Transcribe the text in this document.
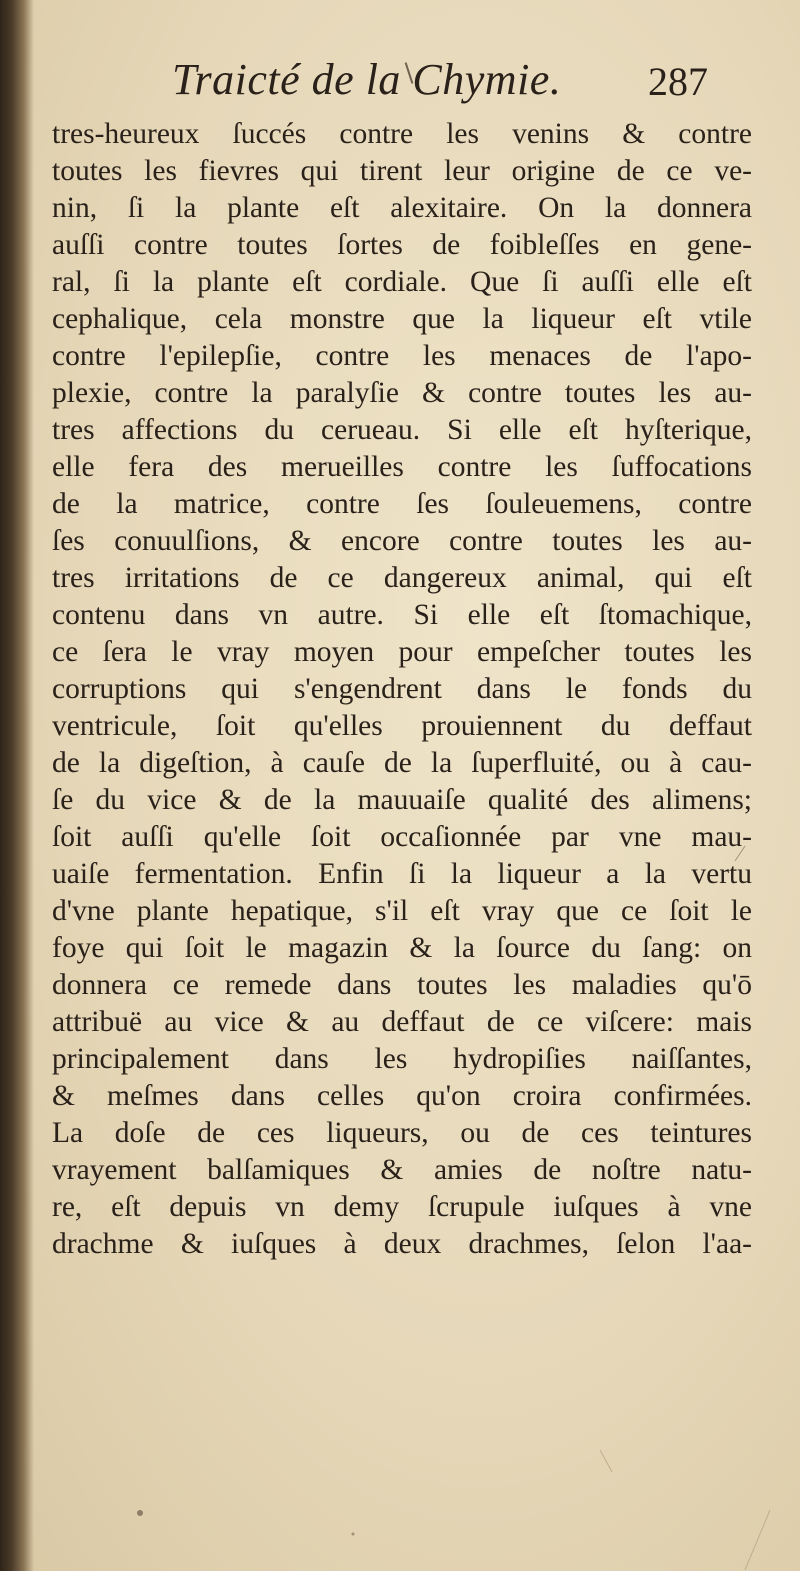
Traicté de la Chymie. 287
tres-heureux ſuccés contre les venins & contre
toutes les fievres qui tirent leur origine de ce ve-
nin, ſi la plante eſt alexitaire. On la donnera
auſſi contre toutes ſortes de foibleſſes en gene-
ral, ſi la plante eſt cordiale. Que ſi auſſi elle eſt
cephalique, cela monstre que la liqueur eſt vtile
contre l'epilepſie, contre les menaces de l'apo-
plexie, contre la paralyſie & contre toutes les au-
tres affections du cerueau. Si elle eſt hyſterique,
elle fera des merueilles contre les ſuffocations
de la matrice, contre ſes ſouleuemens, contre
ſes conuulſions, & encore contre toutes les au-
tres irritations de ce dangereux animal, qui eſt
contenu dans vn autre. Si elle eſt ſtomachique,
ce ſera le vray moyen pour empeſcher toutes les
corruptions qui s'engendrent dans le fonds du
ventricule, ſoit qu'elles prouiennent du deffaut
de la digeſtion, à cauſe de la ſuperfluité, ou à cau-
ſe du vice & de la mauuaiſe qualité des alimens;
ſoit auſſi qu'elle ſoit occaſionnée par vne mau-
uaiſe fermentation. Enfin ſi la liqueur a la vertu
d'vne plante hepatique, s'il eſt vray que ce ſoit le
foye qui ſoit le magazin & la ſource du ſang: on
donnera ce remede dans toutes les maladies qu'ō
attribuë au vice & au deffaut de ce viſcere: mais
principalement dans les hydropiſies naiſſantes,
& meſmes dans celles qu'on croira confirmées.
La doſe de ces liqueurs, ou de ces teintures
vrayement balſamiques & amies de noſtre natu-
re, eſt depuis vn demy ſcrupule iuſques à vne
drachme & iuſques à deux drachmes, ſelon l'aa-
